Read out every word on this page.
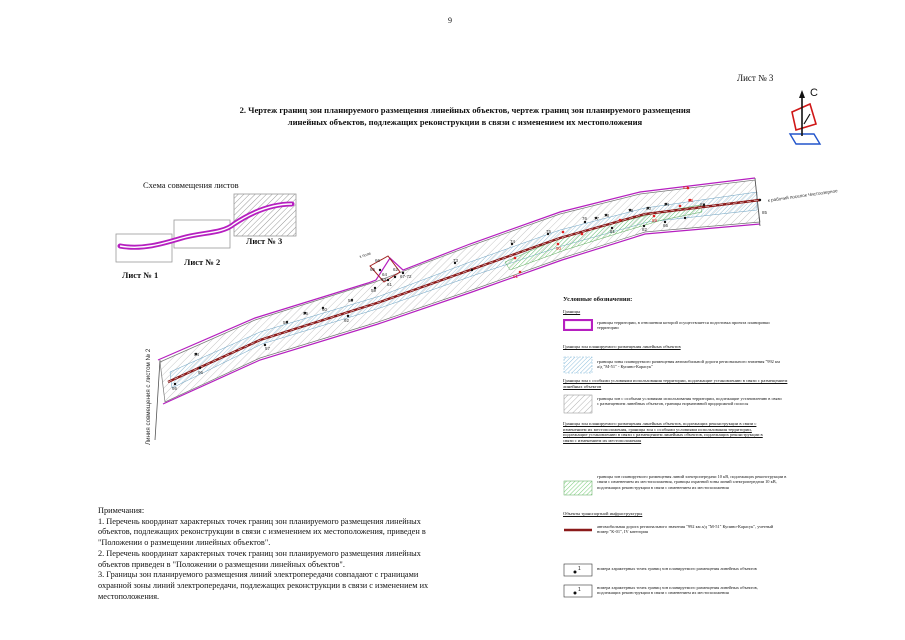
9
Лист № 3
2. Чертеж границ зон планируемого размещения линейных объектов, чертеж границ зон планируемого размещения
линейных объектов, подлежащих реконструкции в связи с изменением их местоположения
С
Схема совмещения листов
Лист № 1
Лист № 2
Лист № 3
95
96
54
57
55
56
92
58
60
66
65
59
62
61
63
64	67-72
73
74
75
76
79
78
77
80
81
83
84
82
85
86
87
88
89
90
91
к рабочий поселок Чистоозерное
к поле
Линия совмещения с листом № 2
Условные обозначения:
Границы
границы территории, в отношении которой осуществляется подготовка проекта планировки территории
Границы зон планируемого размещения линейных объектов
границы зоны планируемого размещения автомобильной дороги регионального значения "992 км а/д "М-51" - Купино-Карасук"
Границы зон с особыми условиями использования территории, подлежащие установлению в связи с размещением линейных объектов
границы зон с особыми условиями использования территории, подлежащие установлению в связи с размещением линейных объектов, границы нормативной придорожной полосы
Границы зон планируемого размещения линейных объектов, подлежащих реконструкции в связи с изменением их местоположения, границы зон с особыми условиями использования территории, подлежащие установлению в связи с размещением линейных объектов, подлежащих реконструкции в связи с изменением их местоположения
границы зон планируемого размещения линий электропередачи 10 кВ, подлежащих реконструкции в связи с изменением их местоположения, границы охранной зоны линий электропередачи 10 кВ, подлежащих реконструкции в связи с изменением их местоположения
Объекты транспортной инфраструктуры
автомобильная дорога регионального значения "992 км а/д "М-51" Купино-Карасук", учетный номер "К-01", IV категория
1	номера характерных точек границ зон планируемого размещения линейных объектов
1	номера характерных точек границ зон планируемого размещения линейных объектов, подлежащих реконструкции в связи с изменением их местоположения
Примечания:
1. Перечень координат характерных точек границ зон планируемого размещения линейных объектов, подлежащих реконструкции в связи с изменением их местоположения, приведен в "Положении о размещении линейных объектов".
2. Перечень координат характерных точек границ зон планируемого размещения линейных объектов приведен в "Положении о размещении линейных объектов".
3. Границы зон планируемого размещения линий электропередачи совпадают с границами охранной зоны линий электропередачи, подлежащих реконструкции в связи с изменением их местоположения.
